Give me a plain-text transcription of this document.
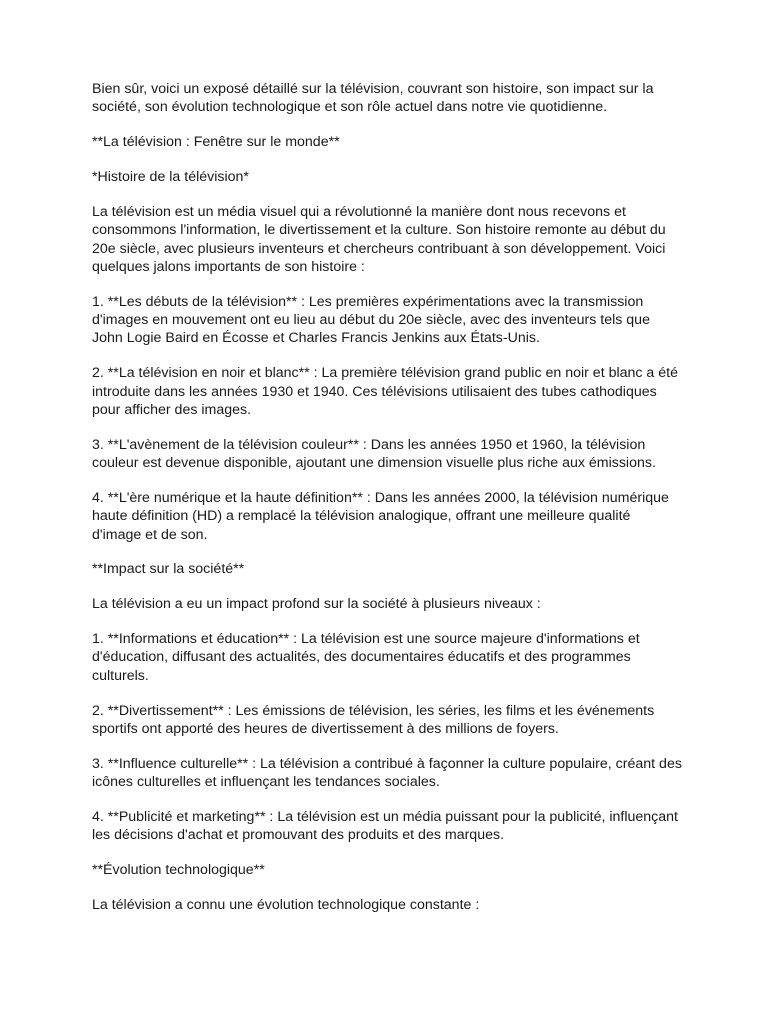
Bien sûr, voici un exposé détaillé sur la télévision, couvrant son histoire, son impact sur la société, son évolution technologique et son rôle actuel dans notre vie quotidienne.

**La télévision : Fenêtre sur le monde**

*Histoire de la télévision*

La télévision est un média visuel qui a révolutionné la manière dont nous recevons et consommons l'information, le divertissement et la culture. Son histoire remonte au début du 20e siècle, avec plusieurs inventeurs et chercheurs contribuant à son développement. Voici quelques jalons importants de son histoire :

1. **Les débuts de la télévision** : Les premières expérimentations avec la transmission d'images en mouvement ont eu lieu au début du 20e siècle, avec des inventeurs tels que John Logie Baird en Écosse et Charles Francis Jenkins aux États-Unis.

2. **La télévision en noir et blanc** : La première télévision grand public en noir et blanc a été introduite dans les années 1930 et 1940. Ces télévisions utilisaient des tubes cathodiques pour afficher des images.

3. **L'avènement de la télévision couleur** : Dans les années 1950 et 1960, la télévision couleur est devenue disponible, ajoutant une dimension visuelle plus riche aux émissions.

4. **L'ère numérique et la haute définition** : Dans les années 2000, la télévision numérique haute définition (HD) a remplacé la télévision analogique, offrant une meilleure qualité d'image et de son.

**Impact sur la société**

La télévision a eu un impact profond sur la société à plusieurs niveaux :

1. **Informations et éducation** : La télévision est une source majeure d'informations et d'éducation, diffusant des actualités, des documentaires éducatifs et des programmes culturels.

2. **Divertissement** : Les émissions de télévision, les séries, les films et les événements sportifs ont apporté des heures de divertissement à des millions de foyers.

3. **Influence culturelle** : La télévision a contribué à façonner la culture populaire, créant des icônes culturelles et influençant les tendances sociales.

4. **Publicité et marketing** : La télévision est un média puissant pour la publicité, influençant les décisions d'achat et promouvant des produits et des marques.

**Évolution technologique**

La télévision a connu une évolution technologique constante :
